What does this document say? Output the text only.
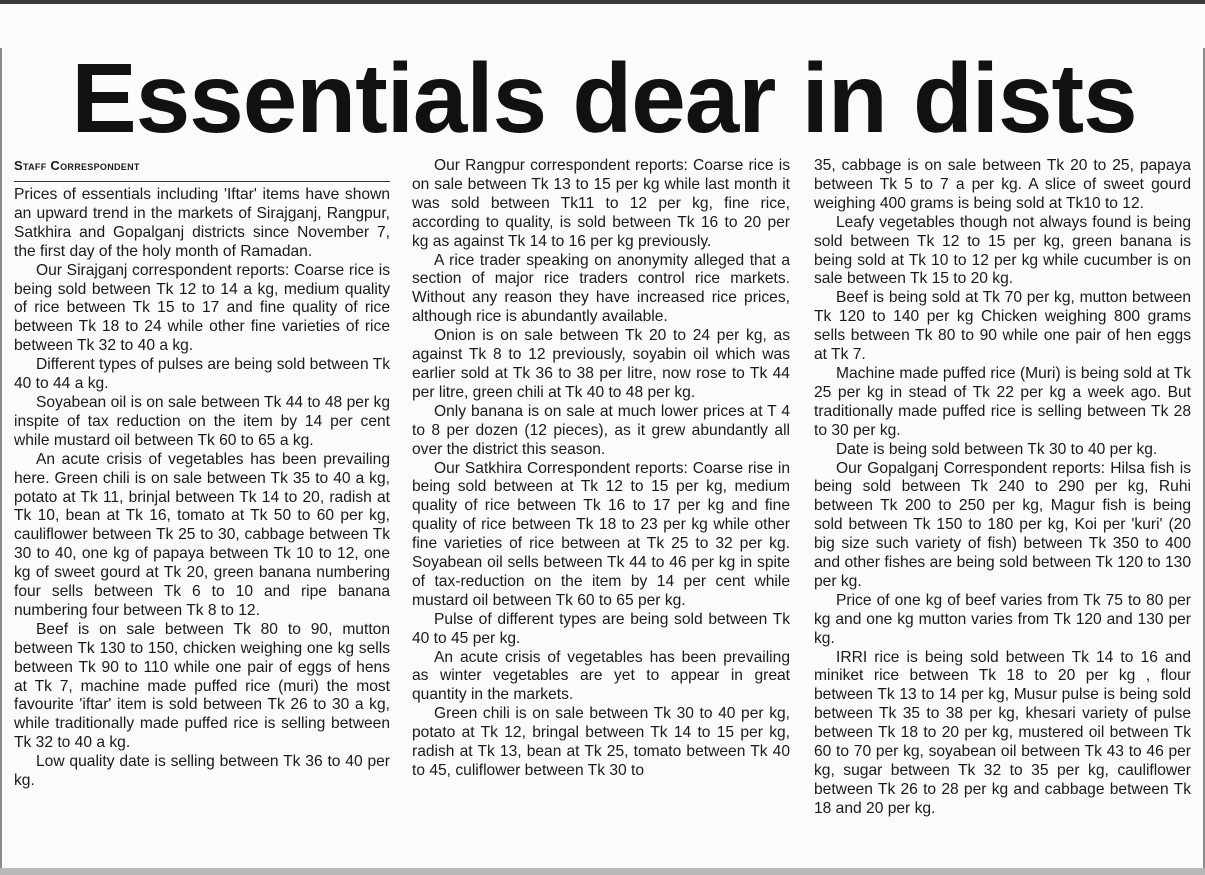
Essentials dear in dists
Staff Correspondent

Prices of essentials including 'Iftar' items have shown an upward trend in the markets of Sirajganj, Rangpur, Satkhira and Gopalganj districts since November 7, the first day of the holy month of Ramadan.

Our Sirajganj correspondent reports: Coarse rice is being sold between Tk 12 to 14 a kg, medium quality of rice between Tk 15 to 17 and fine quality of rice between Tk 18 to 24 while other fine varieties of rice between Tk 32 to 40 a kg.

Different types of pulses are being sold between Tk 40 to 44 a kg.

Soyabean oil is on sale between Tk 44 to 48 per kg inspite of tax reduction on the item by 14 per cent while mustard oil between Tk 60 to 65 a kg.

An acute crisis of vegetables has been prevailing here. Green chili is on sale between Tk 35 to 40 a kg, potato at Tk 11, brinjal between Tk 14 to 20, radish at Tk 10, bean at Tk 16, tomato at Tk 50 to 60 per kg, cauliflower between Tk 25 to 30, cabbage between Tk 30 to 40, one kg of papaya between Tk 10 to 12, one kg of sweet gourd at Tk 20, green banana numbering four sells between Tk 6 to 10 and ripe banana numbering four between Tk 8 to 12.

Beef is on sale between Tk 80 to 90, mutton between Tk 130 to 150, chicken weighing one kg sells between Tk 90 to 110 while one pair of eggs of hens at Tk 7, machine made puffed rice (muri) the most favourite 'iftar' item is sold between Tk 26 to 30 a kg, while traditionally made puffed rice is selling between Tk 32 to 40 a kg.

Low quality date is selling between Tk 36 to 40 per kg.

Our Rangpur correspondent reports: Coarse rice is on sale between Tk 13 to 15 per kg while last month it was sold between Tk11 to 12 per kg, fine rice, according to quality, is sold between Tk 16 to 20 per kg as against Tk 14 to 16 per kg previously.

A rice trader speaking on anonymity alleged that a section of major rice traders control rice markets. Without any reason they have increased rice prices, although rice is abundantly available.

Onion is on sale between Tk 20 to 24 per kg, as against Tk 8 to 12 previously, soyabin oil which was earlier sold at Tk 36 to 38 per litre, now rose to Tk 44 per litre, green chili at Tk 40 to 48 per kg.

Only banana is on sale at much lower prices at T 4 to 8 per dozen (12 pieces), as it grew abundantly all over the district this season.

Our Satkhira Correspondent reports: Coarse rise in being sold between at Tk 12 to 15 per kg, medium quality of rice between Tk 16 to 17 per kg and fine quality of rice between Tk 18 to 23 per kg while other fine varieties of rice between at Tk 25 to 32 per kg. Soyabean oil sells between Tk 44 to 46 per kg in spite of tax-reduction on the item by 14 per cent while mustard oil between Tk 60 to 65 per kg.

Pulse of different types are being sold between Tk 40 to 45 per kg.

An acute crisis of vegetables has been prevailing as winter vegetables are yet to appear in great quantity in the markets.

Green chili is on sale between Tk 30 to 40 per kg, potato at Tk 12, bringal between Tk 14 to 15 per kg, radish at Tk 13, bean at Tk 25, tomato between Tk 40 to 45, culiflower between Tk 30 to

35, cabbage is on sale between Tk 20 to 25, papaya between Tk 5 to 7 a per kg. A slice of sweet gourd weighing 400 grams is being sold at Tk10 to 12.

Leafy vegetables though not always found is being sold between Tk 12 to 15 per kg, green banana is being sold at Tk 10 to 12 per kg while cucumber is on sale between Tk 15 to 20 kg.

Beef is being sold at Tk 70 per kg, mutton between Tk 120 to 140 per kg Chicken weighing 800 grams sells between Tk 80 to 90 while one pair of hen eggs at Tk 7.

Machine made puffed rice (Muri) is being sold at Tk 25 per kg in stead of Tk 22 per kg a week ago. But traditionally made puffed rice is selling between Tk 28 to 30 per kg.

Date is being sold between Tk 30 to 40 per kg.

Our Gopalganj Correspondent reports: Hilsa fish is being sold between Tk 240 to 290 per kg, Ruhi between Tk 200 to 250 per kg, Magur fish is being sold between Tk 150 to 180 per kg, Koi per 'kuri' (20 big size such variety of fish) between Tk 350 to 400 and other fishes are being sold between Tk 120 to 130 per kg.

Price of one kg of beef varies from Tk 75 to 80 per kg and one kg mutton varies from Tk 120 and 130 per kg.

IRRI rice is being sold between Tk 14 to 16 and miniket rice between Tk 18 to 20 per kg , flour between Tk 13 to 14 per kg, Musur pulse is being sold between Tk 35 to 38 per kg, khesari variety of pulse between Tk 18 to 20 per kg, mustered oil between Tk 60 to 70 per kg, soyabean oil between Tk 43 to 46 per kg, sugar between Tk 32 to 35 per kg, cauliflower between Tk 26 to 28 per kg and cabbage between Tk 18 and 20 per kg.
